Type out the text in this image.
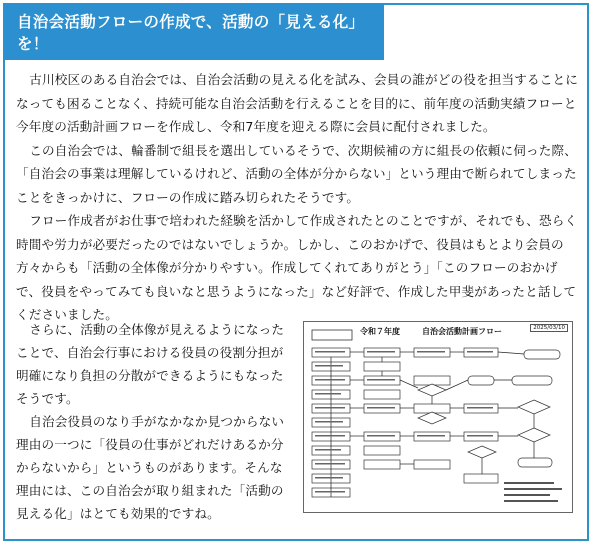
自治会活動フローの作成で、活動の「見える化」を！

古川校区のある自治会では、自治会活動の見える化を試み、会員の誰がどの役を担当することになっても困ることなく、持続可能な自治会活動を行えることを目的に、前年度の活動実績フローと今年度の活動計画フローを作成し、令和7年度を迎える際に会員に配付されました。

この自治会では、輪番制で組長を選出しているそうで、次期候補の方に組長の依頼に伺った際、「自治会の事業は理解しているけれど、活動の全体が分からない」という理由で断られてしまったことをきっかけに、フローの作成に踏み切られたそうです。

フロー作成者がお仕事で培われた経験を活かして作成されたとのことですが、それでも、恐らく時間や労力が必要だったのではないでしょうか。しかし、このおかげで、役員はもとより会員の方々からも「活動の全体像が分かりやすい。作成してくれてありがとう」「このフローのおかげで、役員をやってみても良いなと思うようになった」など好評で、作成した甲斐があったと話してくださいました。

さらに、活動の全体像が見えるようになったことで、自治会行事における役員の役割分担が明確になり負担の分散ができるようにもなったそうです。

自治会役員のなり手がなかなか見つからない理由の一つに「役員の仕事がどれだけあるか分からないから」というものがあります。そんな理由には、この自治会が取り組まれた「活動の見える化」はとても効果的ですね。

令和７年度	自治会活動計画フロー	2025/03/10
